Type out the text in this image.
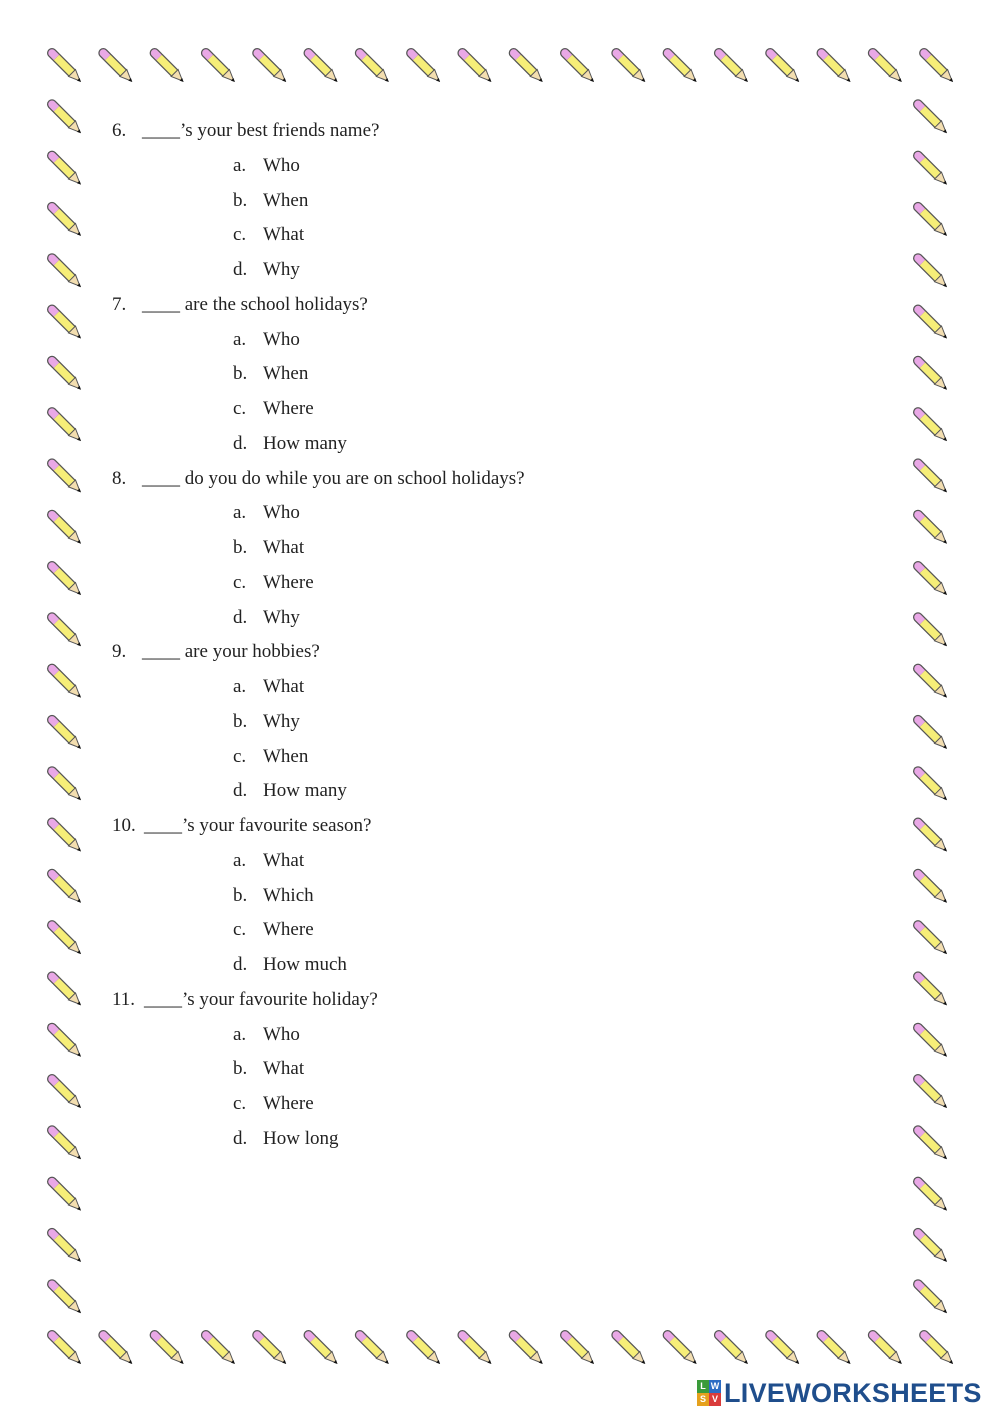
6. ____’s your best friends name?
a. Who
b. When
c. What
d. Why
7. ____ are the school holidays?
a. Who
b. When
c. Where
d. How many
8. ____ do you do while you are on school holidays?
a. Who
b. What
c. Where
d. Why
9. ____ are your hobbies?
a. What
b. Why
c. When
d. How many
10. ____’s your favourite season?
a. What
b. Which
c. Where
d. How much
11. ____’s your favourite holiday?
a. Who
b. What
c. Where
d. How long
L W
S V LIVEWORKSHEETS
